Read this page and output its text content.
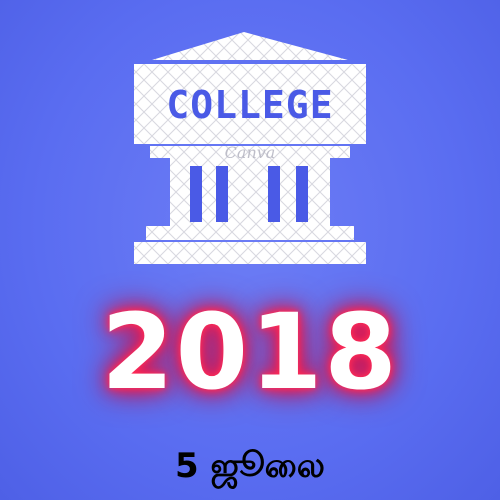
COLLEGE
Canva
2018
5 ஜூலை
